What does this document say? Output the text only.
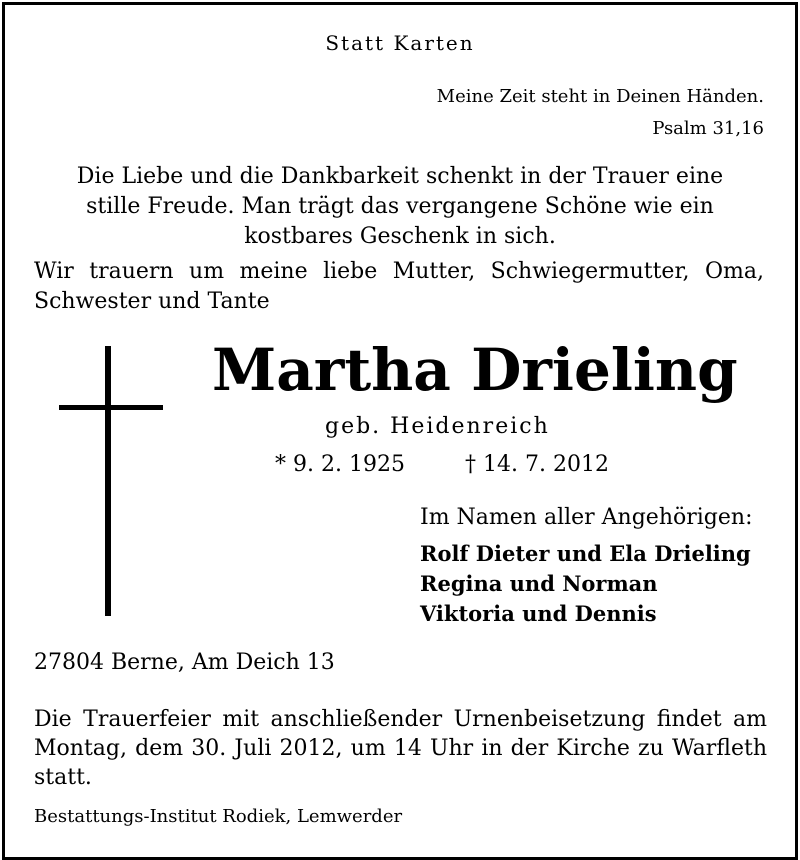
Statt Karten
Meine Zeit steht in Deinen Händen.
Psalm 31,16
Die Liebe und die Dankbarkeit schenkt in der Trauer eine
stille Freude. Man trägt das vergangene Schöne wie ein
kostbares Geschenk in sich.
Wir trauern um meine liebe Mutter, Schwiegermutter, Oma, Schwester und Tante
Martha Drieling
geb. Heidenreich
* 9. 2. 1925	† 14. 7. 2012
Im Namen aller Angehörigen:
Rolf Dieter und Ela Drieling
Regina und Norman
Viktoria und Dennis
27804 Berne, Am Deich 13
Die Trauerfeier mit anschließender Urnenbeisetzung findet am Montag, dem 30. Juli 2012, um 14 Uhr in der Kirche zu Warfleth statt.
Bestattungs-Institut Rodiek, Lemwerder
